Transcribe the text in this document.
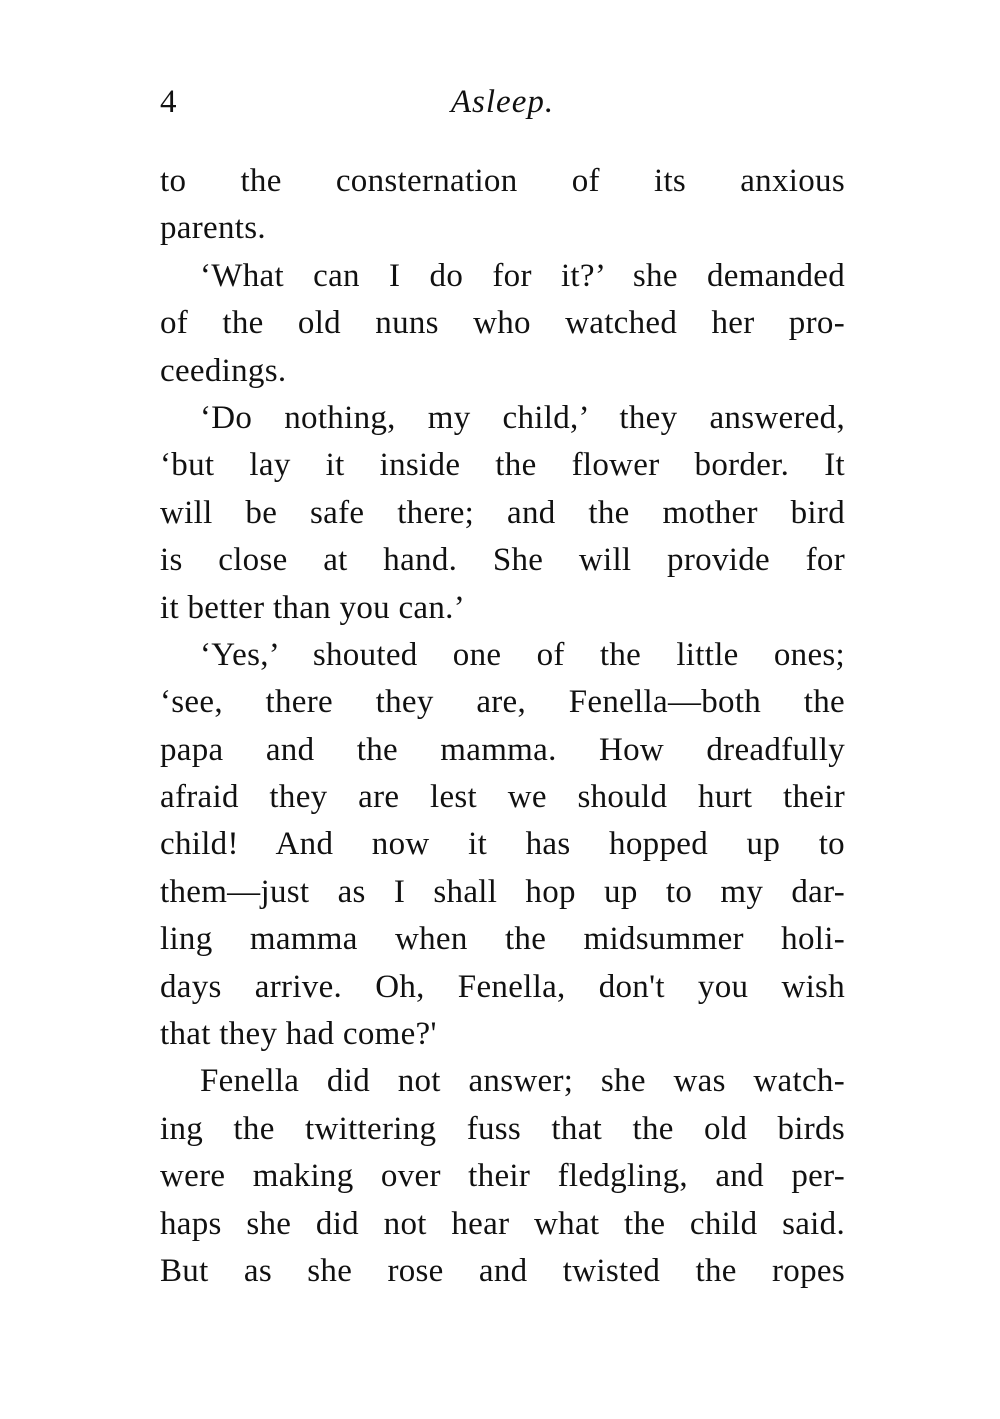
4	Asleep.
to the consternation of its anxious
parents.
‘What can I do for it?’ she demanded
of the old nuns who watched her pro-
ceedings.
‘Do nothing, my child,’ they answered,
‘but lay it inside the flower border. It
will be safe there; and the mother bird
is close at hand. She will provide for
it better than you can.’
‘Yes,’ shouted one of the little ones;
‘see, there they are, Fenella—both the
papa and the mamma. How dreadfully
afraid they are lest we should hurt their
child! And now it has hopped up to
them—just as I shall hop up to my dar-
ling mamma when the midsummer holi-
days arrive. Oh, Fenella, don't you wish
that they had come?'
Fenella did not answer; she was watch-
ing the twittering fuss that the old birds
were making over their fledgling, and per-
haps she did not hear what the child said.
But as she rose and twisted the ropes
